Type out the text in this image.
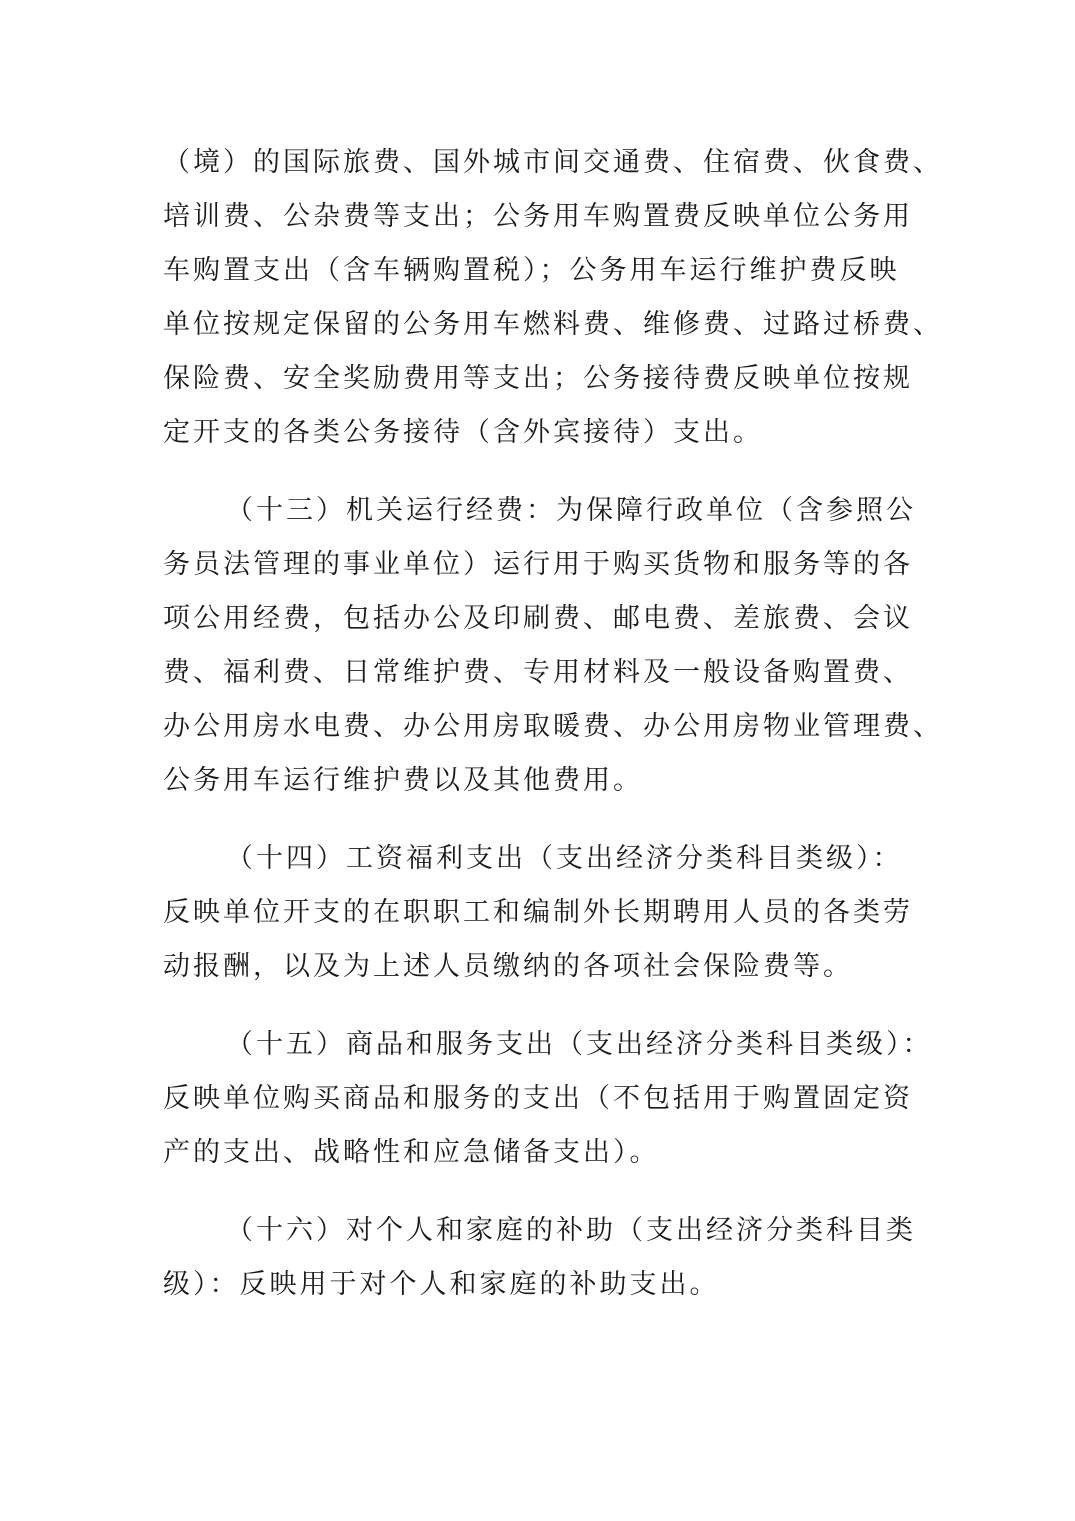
（境）的国际旅费、国外城市间交通费、住宿费、伙食费、
培训费、公杂费等支出；公务用车购置费反映单位公务用
车购置支出（含车辆购置税）；公务用车运行维护费反映
单位按规定保留的公务用车燃料费、维修费、过路过桥费、
保险费、安全奖励费用等支出；公务接待费反映单位按规
定开支的各类公务接待（含外宾接待）支出。
（十三）机关运行经费：为保障行政单位（含参照公
务员法管理的事业单位）运行用于购买货物和服务等的各
项公用经费，包括办公及印刷费、邮电费、差旅费、会议
费、福利费、日常维护费、专用材料及一般设备购置费、
办公用房水电费、办公用房取暖费、办公用房物业管理费、
公务用车运行维护费以及其他费用。
（十四）工资福利支出（支出经济分类科目类级）：
反映单位开支的在职职工和编制外长期聘用人员的各类劳
动报酬，以及为上述人员缴纳的各项社会保险费等。
（十五）商品和服务支出（支出经济分类科目类级）：
反映单位购买商品和服务的支出（不包括用于购置固定资
产的支出、战略性和应急储备支出）。
（十六）对个人和家庭的补助（支出经济分类科目类
级）：反映用于对个人和家庭的补助支出。
